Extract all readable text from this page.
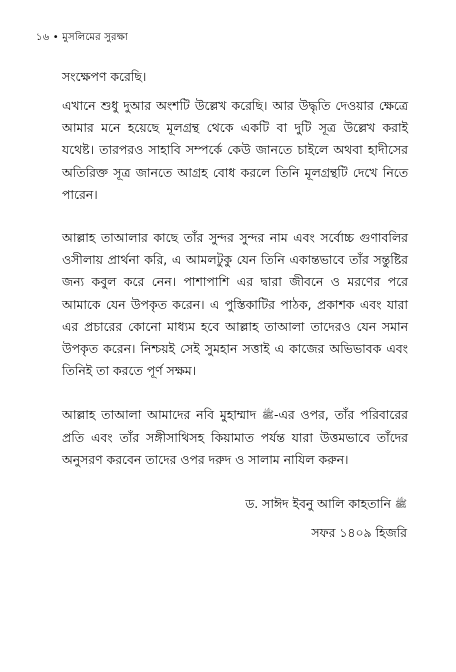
১৬ • মুসলিমের সুরক্ষা

সংক্ষেপণ করেছি।

এখানে শুধু দুআর অংশটি উল্লেখ করেছি। আর উদ্ধৃতি দেওয়ার ক্ষেত্রে আমার মনে হয়েছে মূলগ্রন্থ থেকে একটি বা দুটি সূত্র উল্লেখ করাই যথেষ্ট। তারপরও সাহাবি সম্পর্কে কেউ জানতে চাইলে অথবা হাদীসের অতিরিক্ত সূত্র জানতে আগ্রহ বোধ করলে তিনি মূলগ্রন্থটি দেখে নিতে পারেন।

আল্লাহ তাআলার কাছে তাঁর সুন্দর সুন্দর নাম এবং সর্বোচ্চ গুণাবলির ওসীলায় প্রার্থনা করি, এ আমলটুকু যেন তিনি একান্তভাবে তাঁর সন্তুষ্টির জন্য কবুল করে নেন। পাশাপাশি এর দ্বারা জীবনে ও মরণের পরে আমাকে যেন উপকৃত করেন। এ পুস্তিকাটির পাঠক, প্রকাশক এবং যারা এর প্রচারের কোনো মাধ্যম হবে আল্লাহ তাআলা তাদেরও যেন সমান উপকৃত করেন। নিশ্চয়ই সেই সুমহান সত্তাই এ কাজের অভিভাবক এবং তিনিই তা করতে পূর্ণ সক্ষম।

আল্লাহ তাআলা আমাদের নবি মুহাম্মাদ ﷺ-এর ওপর, তাঁর পরিবারের প্রতি এবং তাঁর সঙ্গীসাথিসহ কিয়ামাত পর্যন্ত যারা উত্তমভাবে তাঁদের অনুসরণ করবেন তাদের ওপর দরুদ ও সালাম নাযিল করুন।

ড. সাঈদ ইবনু আলি কাহতানি ﷺ
সফর ১৪০৯ হিজরি
